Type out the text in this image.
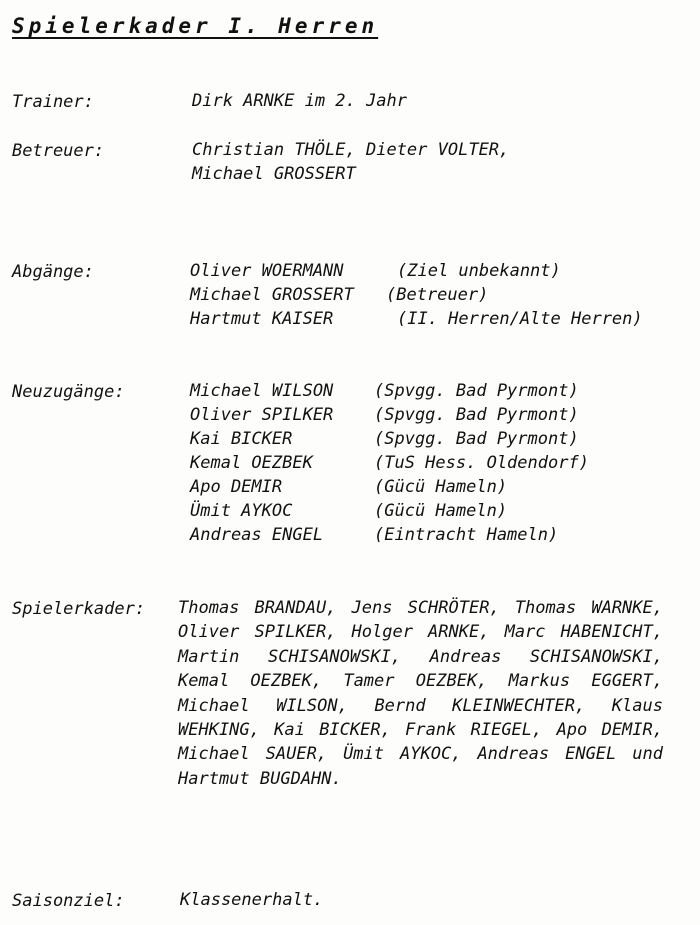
Spielerkader I. Herren
Trainer:	Dirk ARNKE im 2. Jahr
Betreuer:	Christian THÖLE, Dieter VOLTER,
Michael GROSSERT
Abgänge:	Oliver WOERMANN	(Ziel unbekannt)
Michael GROSSERT (Betreuer)
Hartmut KAISER	(II. Herren/Alte Herren)
Neuzugänge:	Michael WILSON (Spvgg. Bad Pyrmont)
Oliver SPILKER (Spvgg. Bad Pyrmont)
Kai BICKER	(Spvgg. Bad Pyrmont)
Kemal OEZBEK	(TuS Hess. Oldendorf)
Apo DEMIR	(Gücü Hameln)
Ümit AYKOC	(Gücü Hameln)
Andreas ENGEL	(Eintracht Hameln)
Spielerkader: Thomas BRANDAU, Jens SCHRÖTER, Thomas WARNKE, Oliver SPILKER, Holger ARNKE, Marc HABENICHT, Martin SCHISANOWSKI, Andreas SCHISANOWSKI, Kemal OEZBEK, Tamer OEZBEK, Markus EGGERT, Michael WILSON, Bernd KLEINWECHTER, Klaus WEHKING, Kai BICKER, Frank RIEGEL, Apo DEMIR, Michael SAUER, Ümit AYKOC, Andreas ENGEL und Hartmut BUGDAHN.
Saisonziel:	Klassenerhalt.
